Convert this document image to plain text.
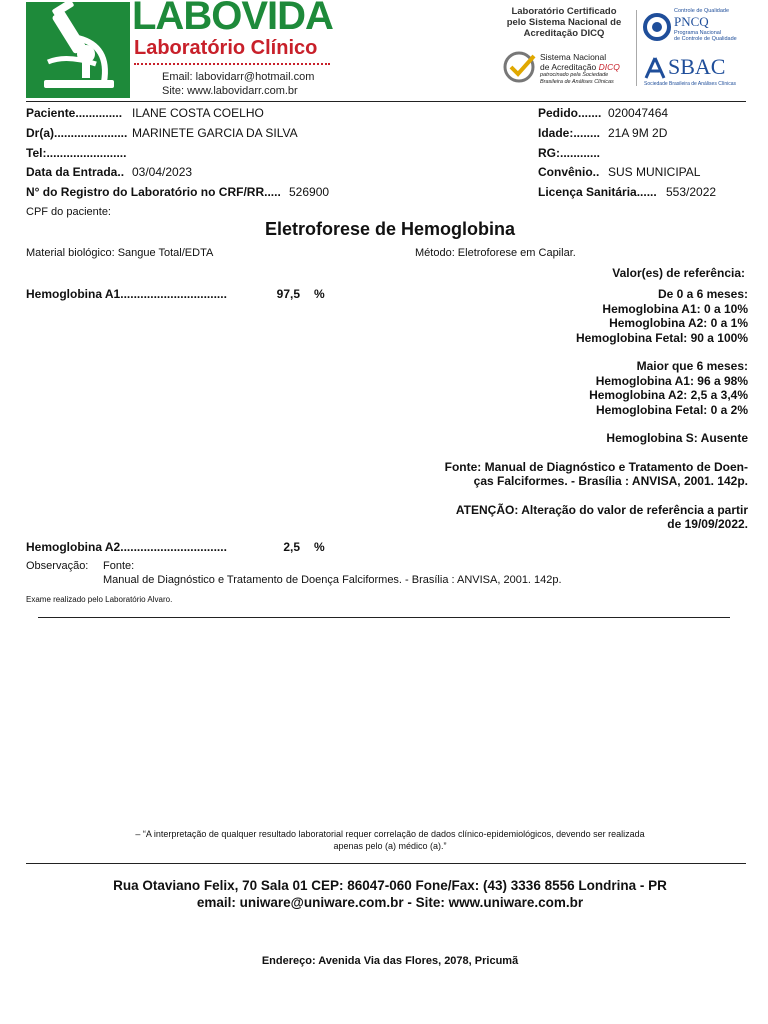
LABOVIDA
Laboratório Clínico
Email: labovidarr@hotmail.com
Site: www.labovidarr.com.br
Laboratório Certificado
pelo Sistema Nacional de
Acreditação DICQ
Sistema Nacional
de Acreditação DICQ
patrocinado pela Sociedade
Brasileira de Análises Clínicas
Controle de Qualidade
PNCQ
Programa Nacional
de Controle de Qualidade
SBAC
Sociedade Brasileira de Análises Clínicas
Paciente.............. ILANE COSTA COELHO
Dr(a)...................... MARINETE GARCIA DA SILVA
Tel:........................
Data da Entrada.. 03/04/2023
N° do Registro do Laboratório no CRF/RR..... 526900
CPF do paciente:
Pedido....... 020047464
Idade:........ 21A 9M 2D
RG:............
Convênio.. SUS MUNICIPAL
Licença Sanitária...... 553/2022
Eletroforese de Hemoglobina
Material biológico: Sangue Total/EDTA	Método: Eletroforese em Capilar.
Valor(es) de referência:
Hemoglobina A1................................	97,5 %	De 0 a 6 meses:
Hemoglobina A1: 0 a 10%
Hemoglobina A2: 0 a 1%
Hemoglobina Fetal: 90 a 100%
Maior que 6 meses:
Hemoglobina A1: 96 a 98%
Hemoglobina A2: 2,5 a 3,4%
Hemoglobina Fetal: 0 a 2%
Hemoglobina S: Ausente
Fonte: Manual de Diagnóstico e Tratamento de Doen-
ças Falciformes. - Brasília : ANVISA, 2001. 142p.
ATENÇÃO: Alteração do valor de referência a partir
de 19/09/2022.
Hemoglobina A2................................	2,5 %
Observação: Fonte:
Manual de Diagnóstico e Tratamento de Doença Falciformes. - Brasília : ANVISA, 2001. 142p.
Exame realizado pelo Laboratório Alvaro.
– “A interpretação de qualquer resultado laboratorial requer correlação de dados clínico-epidemiológicos, devendo ser realizada
apenas pelo (a) médico (a).”
Rua Otaviano Felix, 70 Sala 01 CEP: 86047-060 Fone/Fax: (43) 3336 8556 Londrina - PR
email: uniware@uniware.com.br - Site: www.uniware.com.br
Endereço: Avenida Via das Flores, 2078, Pricumã
